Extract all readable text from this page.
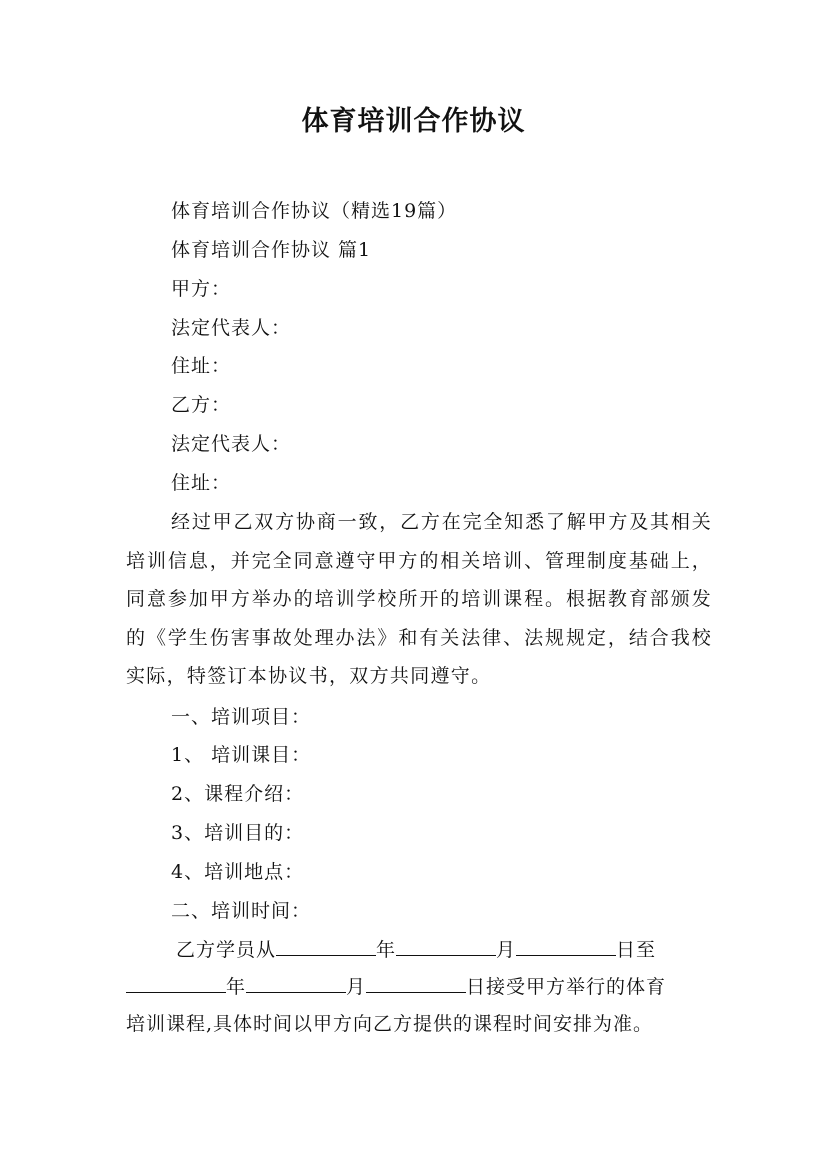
体育培训合作协议
体育培训合作协议（精选19篇）
体育培训合作协议 篇1
甲方：
法定代表人：
住址：
乙方：
法定代表人：
住址：
经过甲乙双方协商一致，乙方在完全知悉了解甲方及其相关培训信息，并完全同意遵守甲方的相关培训、管理制度基础上，同意参加甲方举办的培训学校所开的培训课程。根据教育部颁发的《学生伤害事故处理办法》和有关法律、法规规定，结合我校实际，特签订本协议书，双方共同遵守。
一、培训项目：
1、 培训课目：
2、课程介绍：
3、培训目的：
4、培训地点：
二、培训时间：
乙方学员从	年	月	日至
年	月	日接受甲方举行的体育
培训课程,具体时间以甲方向乙方提供的课程时间安排为准。
